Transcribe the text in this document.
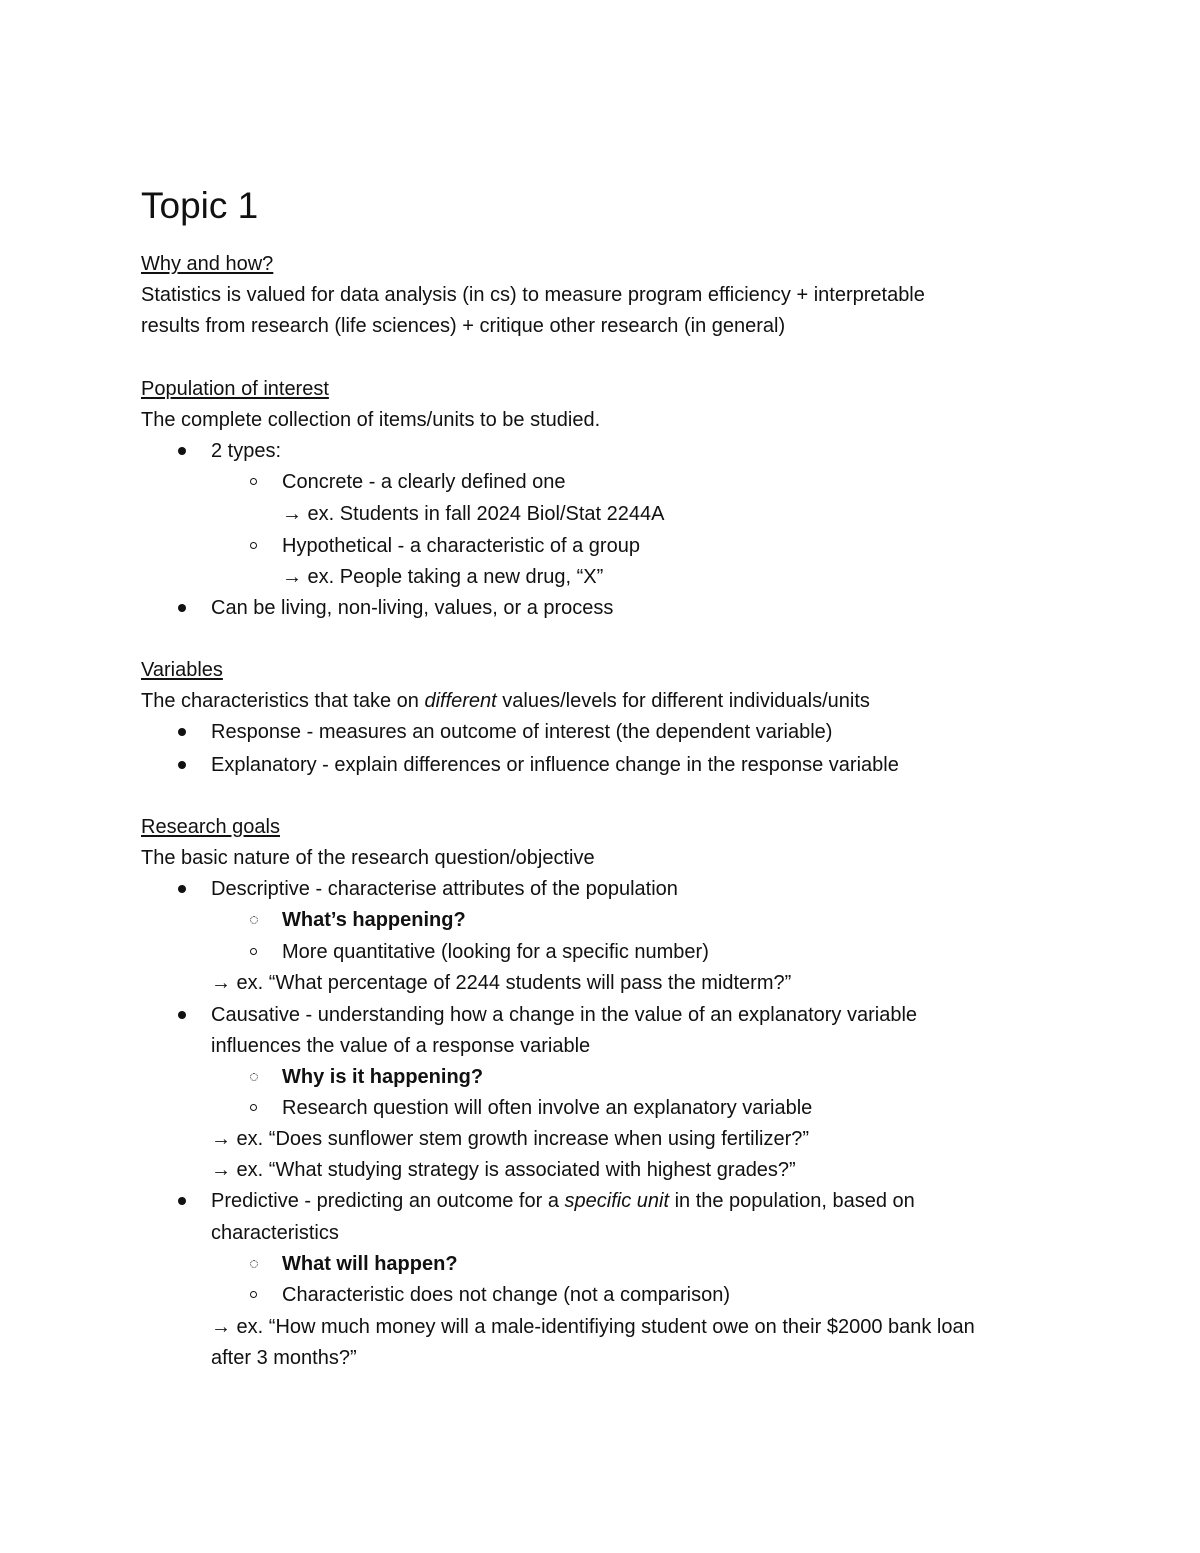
Topic 1
Why and how?
Statistics is valued for data analysis (in cs) to measure program efficiency + interpretable
results from research (life sciences) + critique other research (in general)
Population of interest
The complete collection of items/units to be studied.
2 types:
Concrete - a clearly defined one
→ ex. Students in fall 2024 Biol/Stat 2244A
Hypothetical - a characteristic of a group
→ ex. People taking a new drug, “X”
Can be living, non-living, values, or a process
Variables
The characteristics that take on different values/levels for different individuals/units
Response - measures an outcome of interest (the dependent variable)
Explanatory - explain differences or influence change in the response variable
Research goals
The basic nature of the research question/objective
Descriptive - characterise attributes of the population
What’s happening?
More quantitative (looking for a specific number)
→ ex. “What percentage of 2244 students will pass the midterm?”
Causative - understanding how a change in the value of an explanatory variable
influences the value of a response variable
Why is it happening?
Research question will often involve an explanatory variable
→ ex. “Does sunflower stem growth increase when using fertilizer?”
→ ex. “What studying strategy is associated with highest grades?”
Predictive - predicting an outcome for a specific unit in the population, based on
characteristics
What will happen?
Characteristic does not change (not a comparison)
→ ex. “How much money will a male-identifiying student owe on their $2000 bank loan
after 3 months?”
